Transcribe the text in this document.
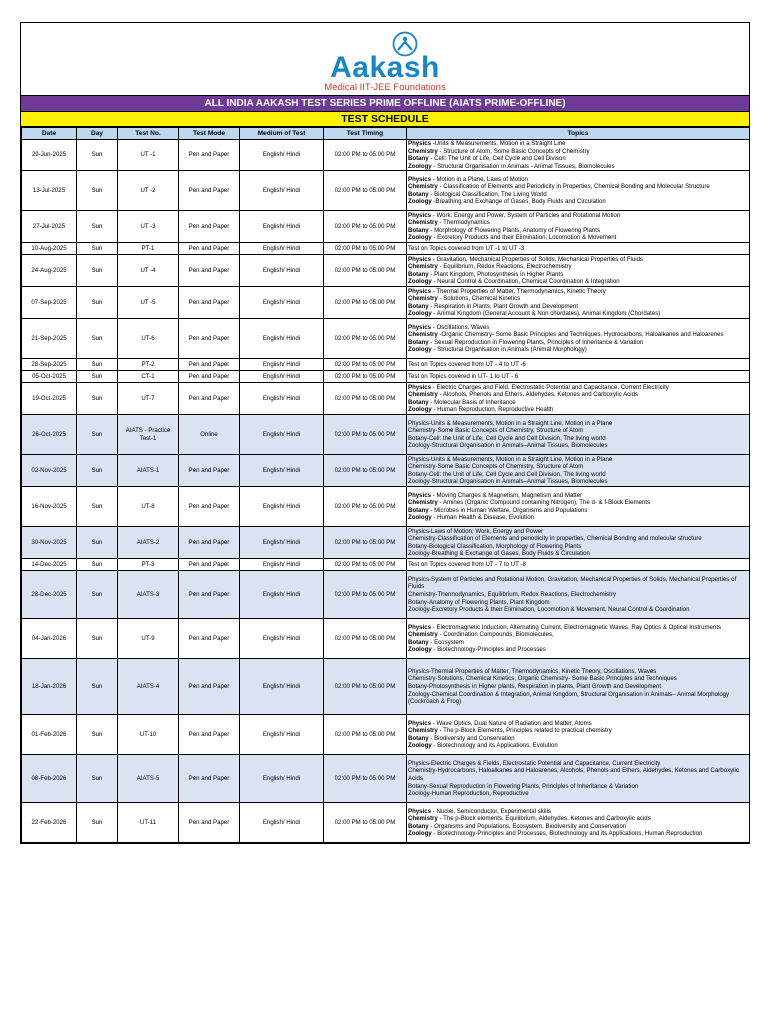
Aakash
Medical IIT-JEE Foundations
ALL INDIA AAKASH TEST SERIES PRIME OFFLINE (AIATS PRIME-OFFLINE)
TEST SCHEDULE
Date	Day	Test No.	Test Mode	Medium of Test	Test Timing	Topics
29-Jun-2025	Sun	UT -1	Pen and Paper	English/ Hindi	02:00 PM to 05:00 PM	Physics -Units & Measurements, Motion in a Straight Line
Chemistry - Structure of Atom, Some Basic Concepts of Chemistry
Botany - Cell: The Unit of Life, Cell Cycle and Cell Divison
Zoology - Structural Organisation in Animals - Animal Tissues, Biomolecules

13-Jul-2025	Sun	UT -2	Pen and Paper	English/ Hindi	02:00 PM to 05:00 PM	Physics - Motion in a Plane, Laws of Motion
Chemistry - Classification of Elements and Periodicity in Properties, Chemical Bonding and Molecular Structure
Botany - Biological Classification, The Living World
Zoology -Breathing and Exchange of Gases, Body Fluids and Circulation

27-Jul-2025	Sun	UT -3	Pen and Paper	English/ Hindi	02:00 PM to 05:00 PM	Physics - Work, Energy and Power, System of Particles and Rotational Motion
Chemistry - Thermodynamics
Botany - Morphology of Flowering Plants, Anatomy of Flowering Plants
Zoology - Excretory Products and their Elimination, Locomotion & Movement

10-Aug-2025	Sun	PT-1	Pen and Paper	English/ Hindi	02:00 PM to 05:00 PM	Test on Topics covered from UT -1 to UT -3

24-Aug-2025	Sun	UT -4	Pen and Paper	English/ Hindi	02:00 PM to 05:00 PM	Physics - Gravitation, Mechanical Properties of Solids, Mechanical Properties of Fluids
Chemistry - Equilibrium, Redox Reactions, Electrochemistry
Botany - Plant Kingdom, Photosynthesis in Higher Plants
Zoology - Neural Control & Coordination, Chemical Coordination & Integration

07-Sep-2025	Sun	UT -5	Pen and Paper	English/ Hindi	02:00 PM to 05:00 PM	Physics - Thermal Properties of Matter, Thermodynamics, Kinetic Theory
Chemistry - Solutions, Chemical Kinetics
Botany - Respiration in Plants, Plant Growth and Development
Zoology - Animal Kingdom (General Account & Non chordates), Animal Kingdom (Chordates)

21-Sep-2025	Sun	UT-6	Pen and Paper	English/ Hindi	02:00 PM to 05:00 PM	Physics - Oscillations, Waves
Chemistry -Organic Chemistry- Some Basic Principles and Techniques, Hydrocarbons, Haloalkanes and Haloarenes
Botany - Sexual Reproduction in Flowering Plants, Principles of Inheritance & Variation
Zoology - Structural Organisation in Animals (Animal Morphology)

28-Sep-2025	Sun	PT-2	Pen and Paper	English/ Hindi	02:00 PM to 05:00 PM	Test on Topics covered from UT - 4 to UT -6

05-Oct-2025	Sun	CT-1	Pen and Paper	English/ Hindi	02:00 PM to 05:00 PM	Test on Topics covered in UT- 1 to UT - 6

19-Oct-2025	Sun	UT-7	Pen and Paper	English/ Hindi	02:00 PM to 05:00 PM	Physics - Electric Charges and Field, Electrostatic Potential and Capacitance, Current Electricity
Chemistry - Alcohols, Phenols and Ethers, Aldehydes, Ketones and Carboxylic Acids
Botany - Molecular Basis of Inheritance
Zoology - Human Reproduction, Reproductive Health

26-Oct-2025	Sun	AIATS - Practice Test-1	Online	English/ Hindi	02:00 PM to 05:00 PM	Physics-Units & Measurements, Motion in a Straight Line, Motion in a Plane
Chemistry-Some Basic Concepts of Chemistry, Structure of Atom
Botany-Cell: the Unit of Life, Cell Cycle and Cell Division, The living world
Zoology-Structural Organisation in Animals–Animal Tissues, Biomolecules

02-Nov-2025	Sun	AIATS-1	Pen and Paper	English/ Hindi	02:00 PM to 05:00 PM	Physics-Units & Measurements, Motion in a Straight Line, Motion in a Plane
Chemistry-Some Basic Concepts of Chemistry, Structure of Atom
Botany-Cell: the Unit of Life, Cell Cycle and Cell Division, The living world
Zoology-Structural Organisation in Animals–Animal Tissues, Biomolecules

16-Nov-2025	Sun	UT-8	Pen and Paper	English/ Hindi	02:00 PM to 05:00 PM	Physics - Moving Charges & Magnetism, Magnetism and Matter
Chemistry - Amines (Organic Compound containing Nitrogen), The d- & f-Block Elements
Botany - Microbes in Human Welfare, Organisms and Populations
Zoology - Human Health & Disease, Evolution

30-Nov-2025	Sun	AIATS-2	Pen and Paper	English/ Hindi	02:00 PM to 05:00 PM	Physics-Laws of Motion; Work, Energy and Power
Chemistry-Classification of Elements and periodicity in properties, Chemical Bonding and molecular structure
Botany-Biological Classification, Morphology of Flowering Plants
Zoology-Breathing & Exchange of Gases, Body Fluids & Circulation

14-Dec-2025	Sun	PT-3	Pen and Paper	English/ Hindi	02:00 PM to 05:00 PM	Test on Topics covered from UT - 7 to UT -8

28-Dec-2025	Sun	AIATS-3	Pen and Paper	English/ Hindi	02:00 PM to 05:00 PM	Physics-System of Particles and Rotational Motion, Gravitation, Mechanical Properties of Solids, Mechanical Properties of Fluids
Chemistry-Thermodynamics, Equilibrium, Redox Reactions, Electrochemistry
Botany-Anatomy of Flowering Plants, Plant Kingdom
Zoology-Excretory Products & their Elimination, Locomotion & Movement, Neural Control & Coordination

04-Jan-2026	Sun	UT-9	Pen and Paper	English/ Hindi	02:00 PM to 05:00 PM	Physics - Electromagnetic Induction, Alternating Current, Electromagnetic Waves, Ray Optics & Optical Instruments
Chemistry - Coordination Compounds, Biomolecules,
Botany - Ecosystem
Zoology - Biotechnology-Principles and Processes

18-Jan-2026	Sun	AIATS-4	Pen and Paper	English/ Hindi	02:00 PM to 05:00 PM	Physics-Thermal Properties of Matter, Thermodynamics, Kinetic Theory, Oscillations, Waves
Chemistry-Solutions, Chemical Kinetics, Organic Chemistry- Some Basic Principles and Techniques
Botany-Photosynthesis in Higher plants, Respiration in plants, Plant Growth and Development
Zoology-Chemical Coordination & Integration, Animal Kingdom, Structural Organisation in Animals– Animal Morphology (Cockroach & Frog)

01-Feb-2026	Sun	UT-10	Pen and Paper	English/ Hindi	02:00 PM to 05:00 PM	Physics - Wave Optics, Dual Nature of Radiation and Matter, Atoms
Chemistry - The p-Block Elements, Principles related to practical chemistry
Botany - Biodiversity and Conservation
Zoology - Biotechnology and its Applications, Evolution

08-Feb-2026	Sun	AIATS-5	Pen and Paper	English/ Hindi	02:00 PM to 05:00 PM	Physics-Electric Charges & Fields, Electrostatic Potential and Capacitance, Current Electricity
Chemistry-Hydrocarbons, Haloalkanes and Haloarenes, Alcohols, Phenols and Ethers, Aldehydes, Ketones and Carboxylic Acids
Botany-Sexual Reproduction in Flowering Plants, Principles of Inheritance & Variation
Zoology-Human Reproduction, Reproductive

22-Feb-2026	Sun	UT-11	Pen and Paper	English/ Hindi	02:00 PM to 05:00 PM	Physics - Nuclei, Semiconductor, Experimental skills
Chemistry - The p-Block elements, Equilibrium, Aldehydes, Ketones and Carboxylic acids
Botany - Organisms and Populations, Ecosystem, Biodiversity and Conservation
Zoology - Biotechnology-Principles and Processes, Biotechnology and its Applications, Human Reproduction
